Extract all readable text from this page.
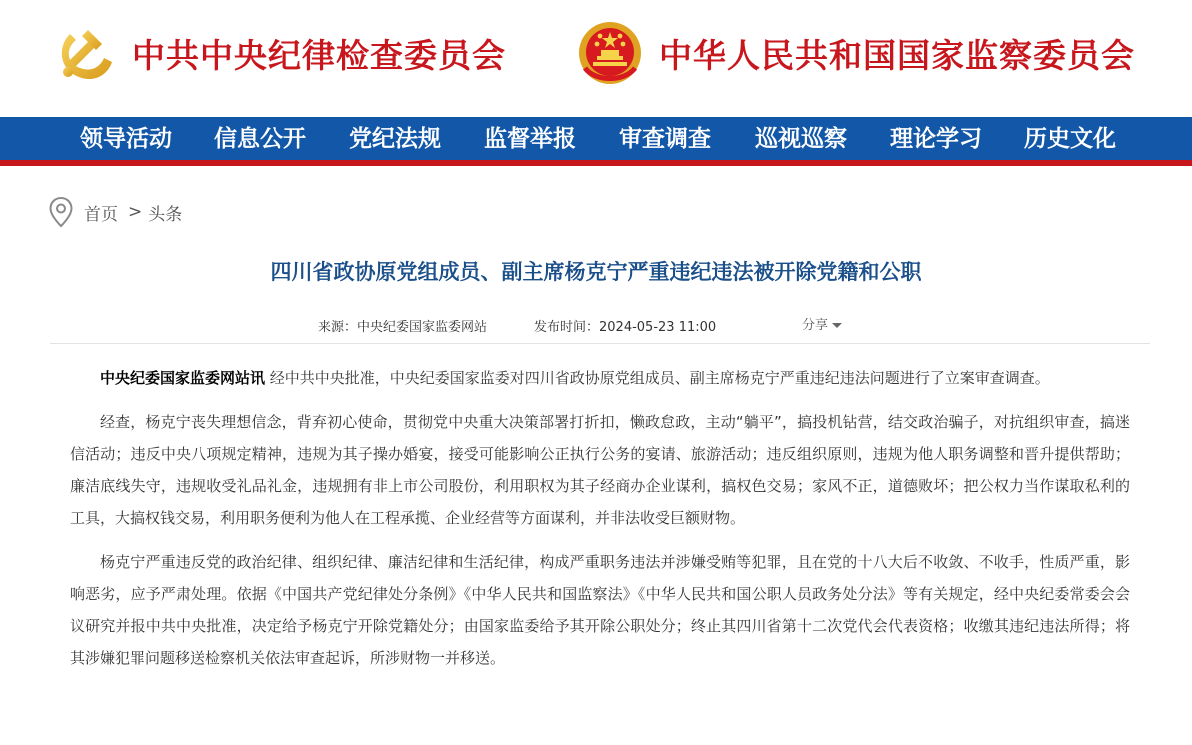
中共中央纪律检查委员会	中华人民共和国国家监察委员会
领导活动 信息公开 党纪法规 监督举报 审查调查 巡视巡察 理论学习 历史文化
首页 > 头条
四川省政协原党组成员、副主席杨克宁严重违纪违法被开除党籍和公职
来源：中央纪委国家监委网站	发布时间：2024-05-23 11:00	分享

中央纪委国家监委网站讯 经中共中央批准，中央纪委国家监委对四川省政协原党组成员、副主席杨克宁严重违纪违法问题进行了立案审查调查。

经查，杨克宁丧失理想信念，背弃初心使命，贯彻党中央重大决策部署打折扣，懒政怠政，主动“躺平”，搞投机钻营，结交政治骗子，对抗组织审查，搞迷信活动；违反中央八项规定精神，违规为其子操办婚宴，接受可能影响公正执行公务的宴请、旅游活动；违反组织原则，违规为他人职务调整和晋升提供帮助；廉洁底线失守，违规收受礼品礼金，违规拥有非上市公司股份，利用职权为其子经商办企业谋利，搞权色交易；家风不正，道德败坏；把公权力当作谋取私利的工具，大搞权钱交易，利用职务便利为他人在工程承揽、企业经营等方面谋利，并非法收受巨额财物。

杨克宁严重违反党的政治纪律、组织纪律、廉洁纪律和生活纪律，构成严重职务违法并涉嫌受贿等犯罪，且在党的十八大后不收敛、不收手，性质严重，影响恶劣，应予严肃处理。依据《中国共产党纪律处分条例》《中华人民共和国监察法》《中华人民共和国公职人员政务处分法》等有关规定，经中央纪委常委会会议研究并报中共中央批准，决定给予杨克宁开除党籍处分；由国家监委给予其开除公职处分；终止其四川省第十二次党代会代表资格；收缴其违纪违法所得；将其涉嫌犯罪问题移送检察机关依法审查起诉，所涉财物一并移送。
